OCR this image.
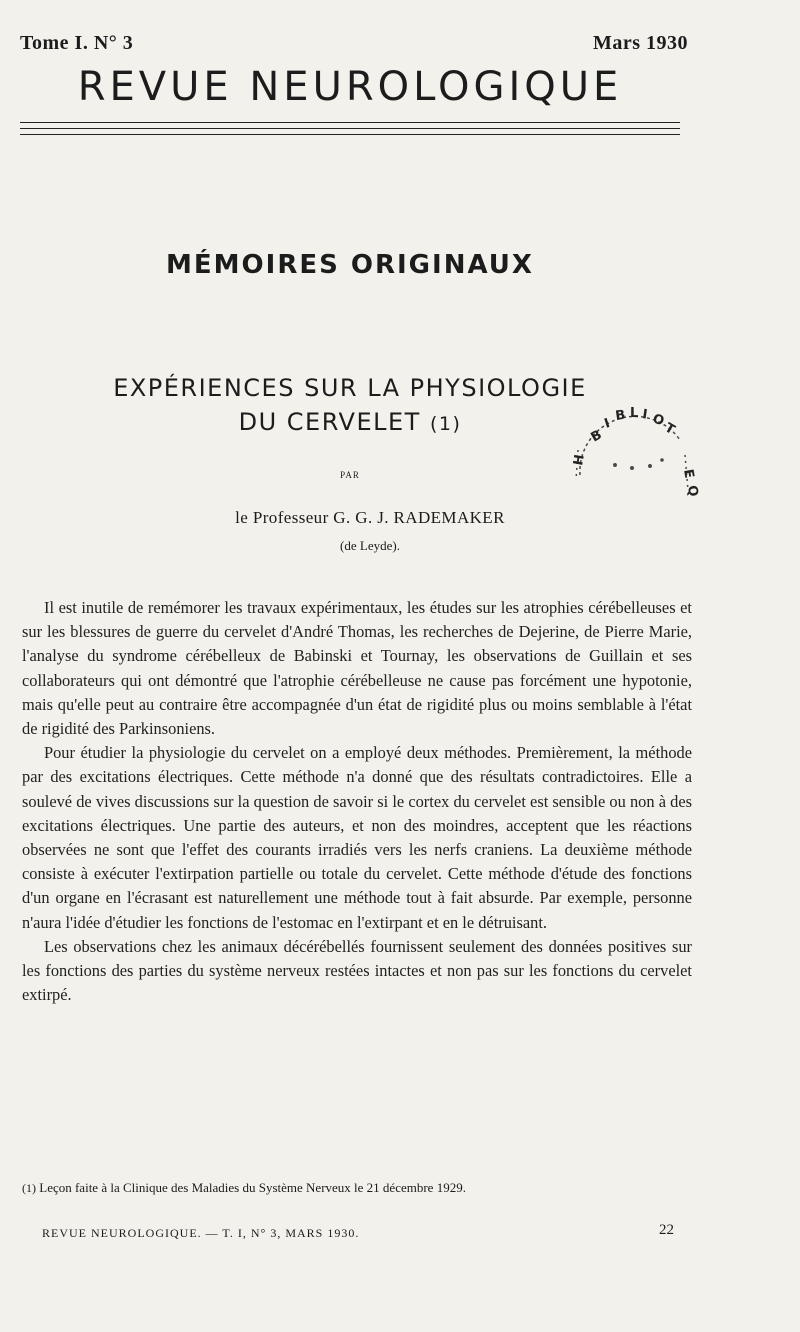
Tome I. N° 3	Mars 1930
REVUE NEUROLOGIQUE
MÉMOIRES ORIGINAUX
EXPÉRIENCES SUR LA PHYSIOLOGIE
DU CERVELET (1)
B
I B L I O
T
H
E
Q
PAR
le Professeur G. G. J. RADEMAKER
(de Leyde).

Il est inutile de remémorer les travaux expérimentaux, les études sur les atrophies cérébelleuses et sur les blessures de guerre du cervelet d'André Thomas, les recherches de Dejerine, de Pierre Marie, l'analyse du syndrome cérébelleux de Babinski et Tournay, les observations de Guillain et ses collaborateurs qui ont démontré que l'atrophie cérébelleuse ne cause pas forcément une hypotonie, mais qu'elle peut au contraire être accompagnée d'un état de rigidité plus ou moins semblable à l'état de rigidité des Parkinsoniens.

Pour étudier la physiologie du cervelet on a employé deux méthodes. Premièrement, la méthode par des excitations électriques. Cette méthode n'a donné que des résultats contradictoires. Elle a soulevé de vives discussions sur la question de savoir si le cortex du cervelet est sensible ou non à des excitations électriques. Une partie des auteurs, et non des moindres, acceptent que les réactions observées ne sont que l'effet des courants irradiés vers les nerfs craniens. La deuxième méthode consiste à exécuter l'extirpation partielle ou totale du cervelet. Cette méthode d'étude des fonctions d'un organe en l'écrasant est naturellement une méthode tout à fait absurde. Par exemple, personne n'aura l'idée d'étudier les fonctions de l'estomac en l'extirpant et en le détruisant.

Les observations chez les animaux décérébellés fournissent seulement des données positives sur les fonctions des parties du système nerveux restées intactes et non pas sur les fonctions du cervelet extirpé.

(1) Leçon faite à la Clinique des Maladies du Système Nerveux le 21 décembre 1929.
REVUE NEUROLOGIQUE. — T. I, N° 3, MARS 1930.	22
